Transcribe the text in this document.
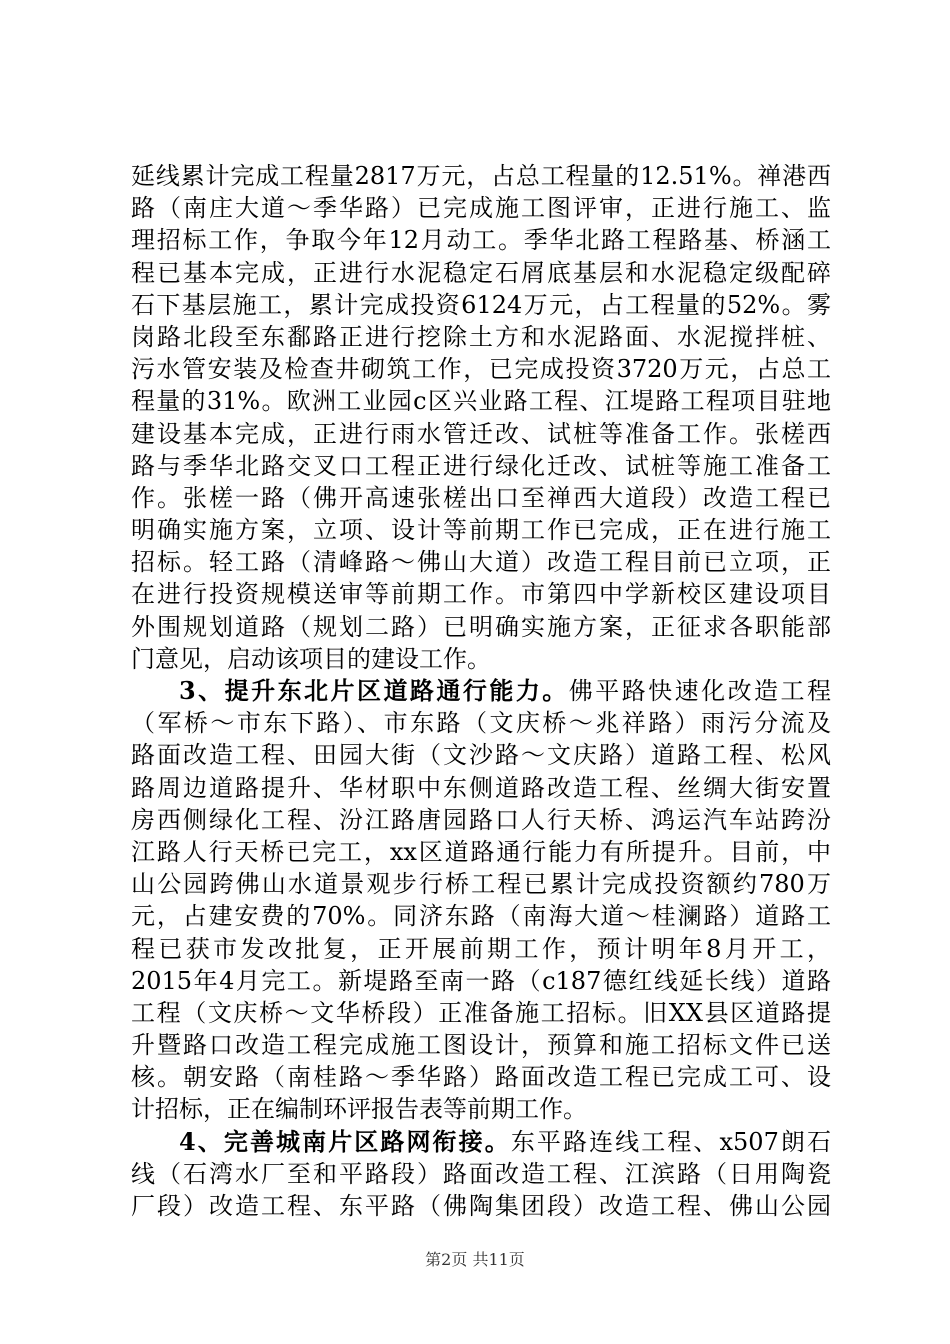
延线累计完成工程量2817万元，占总工程量的12.51%。禅港西
路（南庄大道～季华路）已完成施工图评审，正进行施工、监
理招标工作，争取今年12月动工。季华北路工程路基、桥涵工
程已基本完成，正进行水泥稳定石屑底基层和水泥稳定级配碎
石下基层施工，累计完成投资6124万元，占工程量的52%。雾
岗路北段至东鄱路正进行挖除土方和水泥路面、水泥搅拌桩、
污水管安装及检查井砌筑工作，已完成投资3720万元，占总工
程量的31%。欧洲工业园c区兴业路工程、江堤路工程项目驻地
建设基本完成，正进行雨水管迁改、试桩等准备工作。张槎西
路与季华北路交叉口工程正进行绿化迁改、试桩等施工准备工
作。张槎一路（佛开高速张槎出口至禅西大道段）改造工程已
明确实施方案，立项、设计等前期工作已完成，正在进行施工
招标。轻工路（清峰路～佛山大道）改造工程目前已立项，正
在进行投资规模送审等前期工作。市第四中学新校区建设项目
外围规划道路（规划二路）已明确实施方案，正征求各职能部
门意见，启动该项目的建设工作。
3、提升东北片区道路通行能力。佛平路快速化改造工程
（军桥～市东下路）、市东路（文庆桥～兆祥路）雨污分流及
路面改造工程、田园大街（文沙路～文庆路）道路工程、松风
路周边道路提升、华材职中东侧道路改造工程、丝绸大街安置
房西侧绿化工程、汾江路唐园路口人行天桥、鸿运汽车站跨汾
江路人行天桥已完工，xx区道路通行能力有所提升。目前，中
山公园跨佛山水道景观步行桥工程已累计完成投资额约780万
元，占建安费的70%。同济东路（南海大道～桂澜路）道路工
程已获市发改批复，正开展前期工作，预计明年8月开工，
2015年4月完工。新堤路至南一路（c187德红线延长线）道路
工程（文庆桥～文华桥段）正准备施工招标。旧XX县区道路提
升暨路口改造工程完成施工图设计，预算和施工招标文件已送
核。朝安路（南桂路～季华路）路面改造工程已完成工可、设
计招标，正在编制环评报告表等前期工作。
4、完善城南片区路网衔接。东平路连线工程、x507朗石
线（石湾水厂至和平路段）路面改造工程、江滨路（日用陶瓷
厂段）改造工程、东平路（佛陶集团段）改造工程、佛山公园
第2页 共11页
